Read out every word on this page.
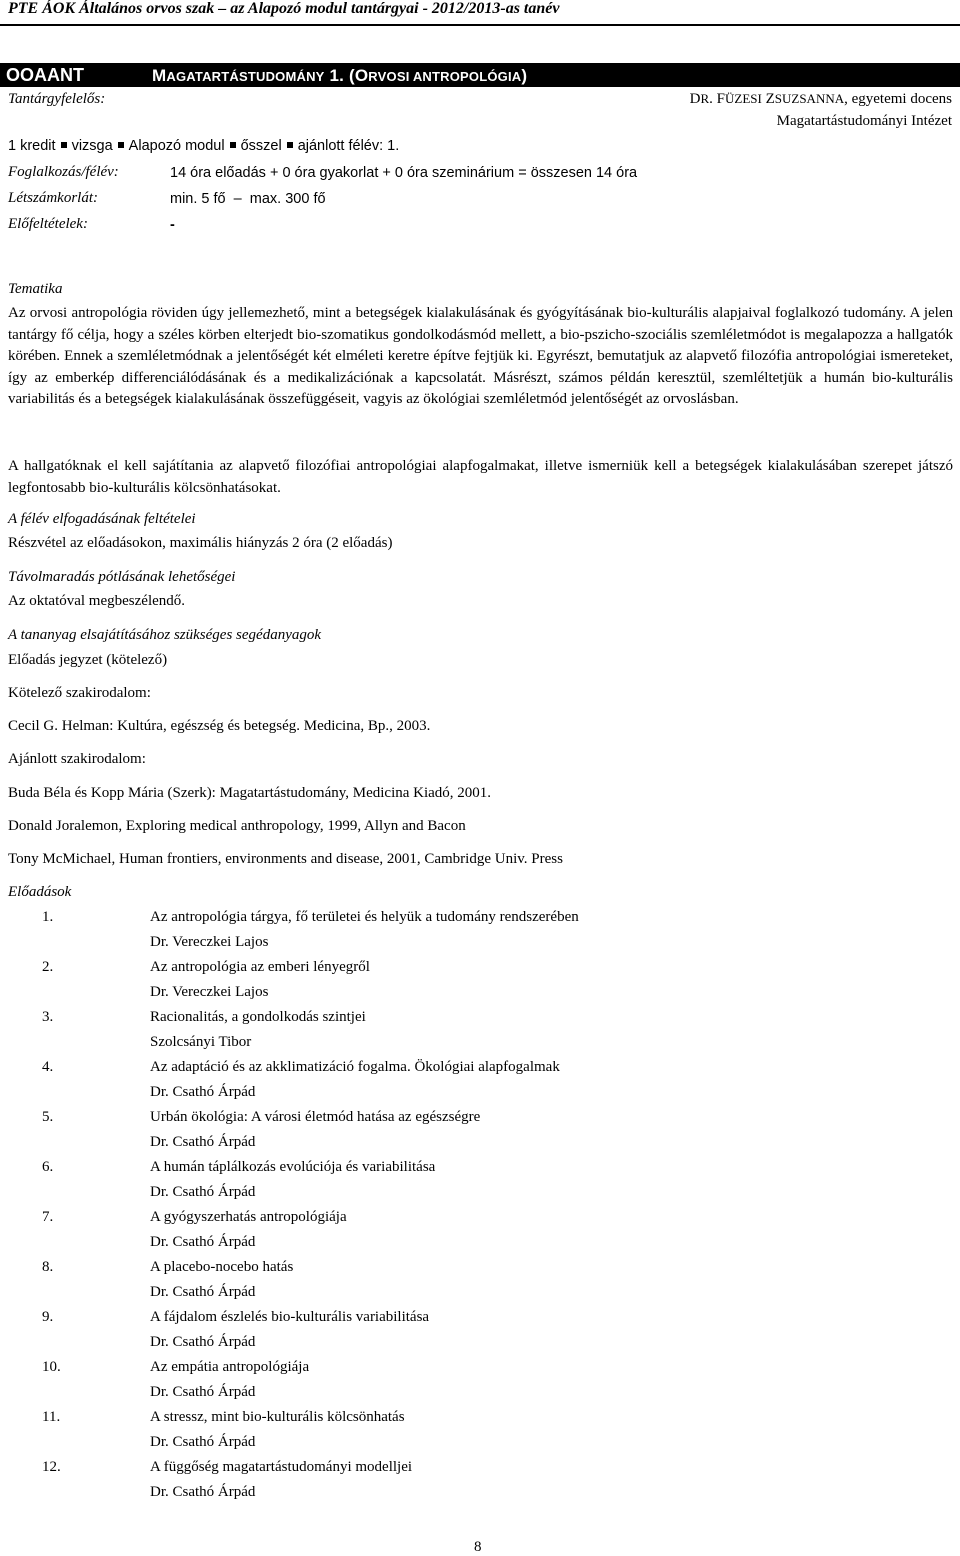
PTE ÁOK Általános orvos szak – az Alapozó modul tantárgyai - 2012/2013-as tanév
OOAANT	MAGATARTÁSTUDOMÁNY 1. (ORVOSI ANTROPOLÓGIA)
Tantárgyfelelős:	DR. FÜZESI ZSUZSANNA, egyetemi docens
Magatartástudományi Intézet
1 kredit vizsga Alapozó modul ősszel ajánlott félév: 1.
Foglalkozás/félév:	14 óra előadás + 0 óra gyakorlat + 0 óra szeminárium = összesen 14 óra
Létszámkorlát:	min. 5 fő  –  max. 300 fő
Előfeltételek:	-
Tematika

Az orvosi antropológia röviden úgy jellemezhető, mint a betegségek kialakulásának és gyógyításának bio-kulturális alapjaival foglalkozó tudomány. A jelen tantárgy fő célja, hogy a széles körben elterjedt bio-szomatikus gondolkodásmód mellett, a bio-pszicho-szociális szemléletmódot is megalapozza a hallgatók körében. Ennek a szemléletmódnak a jelentőségét két elméleti keretre építve fejtjük ki. Egyrészt, bemutatjuk az alapvető filozófia antropológiai ismereteket, így az emberkép differenciálódásának és a medikalizációnak a kapcsolatát. Másrészt, számos példán keresztül, szemléltetjük a humán bio-kulturális variabilitás és a betegségek kialakulásának összefüggéseit, vagyis az ökológiai szemléletmód jelentőségét az orvoslásban.

A hallgatóknak el kell sajátítania az alapvető filozófiai antropológiai alapfogalmakat, illetve ismerniük kell a betegségek kialakulásában szerepet játszó legfontosabb bio-kulturális kölcsönhatásokat.

A félév elfogadásának feltételei
Részvétel az előadásokon, maximális hiányzás 2 óra (2 előadás)
Távolmaradás pótlásának lehetőségei
Az oktatóval megbeszélendő.
A tananyag elsajátításához szükséges segédanyagok
Előadás jegyzet (kötelező)
Kötelező szakirodalom:
Cecil G. Helman: Kultúra, egészség és betegség. Medicina, Bp., 2003.
Ajánlott szakirodalom:
Buda Béla és Kopp Mária (Szerk): Magatartástudomány, Medicina Kiadó, 2001.
Donald Joralemon, Exploring medical anthropology, 1999, Allyn and Bacon
Tony McMichael, Human frontiers, environments and disease, 2001, Cambridge Univ. Press
Előadások
1.	Az antropológia tárgya, fő területei és helyük a tudomány rendszerében
Dr. Vereczkei Lajos
2.	Az antropológia az emberi lényegről
Dr. Vereczkei Lajos
3.	Racionalitás, a gondolkodás szintjei
Szolcsányi Tibor
4.	Az adaptáció és az akklimatizáció fogalma. Ökológiai alapfogalmak
Dr. Csathó Árpád
5.	Urbán ökológia: A városi életmód hatása az egészségre
Dr. Csathó Árpád
6.	A humán táplálkozás evolúciója és variabilitása
Dr. Csathó Árpád
7.	A gyógyszerhatás antropológiája
Dr. Csathó Árpád
8.	A placebo-nocebo hatás
Dr. Csathó Árpád
9.	A fájdalom észlelés bio-kulturális variabilitása
Dr. Csathó Árpád
10.	Az empátia antropológiája
Dr. Csathó Árpád
11.	A stressz, mint bio-kulturális kölcsönhatás
Dr. Csathó Árpád
12.	A függőség magatartástudományi modelljei
Dr. Csathó Árpád
8
